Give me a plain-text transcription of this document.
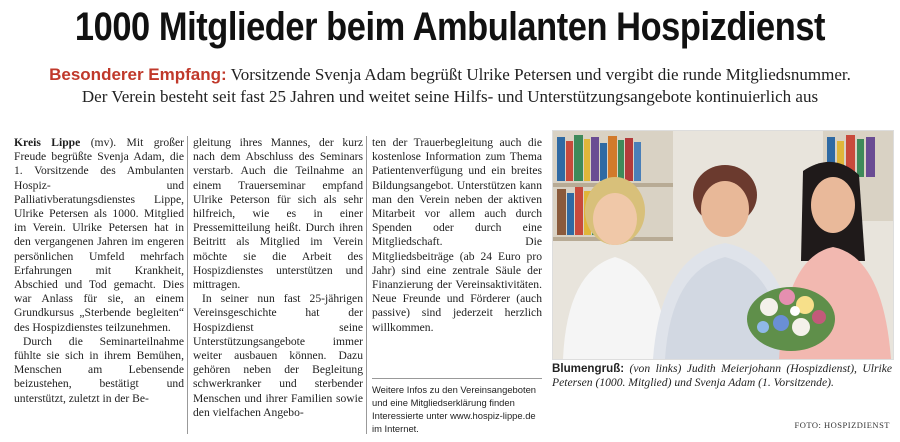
1000 Mitglieder beim Ambulanten Hospizdienst
Besonderer Empfang: Vorsitzende Svenja Adam begrüßt Ulrike Petersen und vergibt die runde Mitgliedsnummer.
Der Verein besteht seit fast 25 Jahren und weitet seine Hilfs- und Unterstützungsangebote kontinuierlich aus

Kreis Lippe (mv). Mit großer Freude begrüßte Svenja Adam, die 1. Vorsitzende des Ambulanten Hospiz- und Palliativberatungsdienstes Lippe, Ulrike Petersen als 1000. Mitglied im Verein. Ulrike Petersen hat in den vergangenen Jahren im engeren persönlichen Umfeld mehrfach Erfahrungen mit Krankheit, Abschied und Tod gemacht. Dies war Anlass für sie, an einem Grundkursus „Sterbende begleiten“ des Hospizdienstes teilzunehmen.

Durch die Seminarteilnahme fühlte sie sich in ihrem Bemühen, Menschen am Lebensende beizustehen, bestätigt und unterstützt, zuletzt in der Be-

gleitung ihres Mannes, der kurz nach dem Abschluss des Seminars verstarb. Auch die Teilnahme an einem Trauerseminar empfand Ulrike Peterson für sich als sehr hilfreich, wie es in einer Pressemitteilung heißt. Durch ihren Beitritt als Mitglied im Verein möchte sie die Arbeit des Hospizdienstes unterstützen und mittragen.

In seiner nun fast 25-jährigen Vereinsgeschichte hat der Hospizdienst seine Unterstützungsangebote immer weiter ausbauen können. Dazu gehören neben der Begleitung schwerkranker und sterbender Menschen und ihrer Familien sowie den vielfachen Angebo-

ten der Trauerbegleitung auch die kostenlose Information zum Thema Patientenverfügung und ein breites Bildungsangebot. Unterstützen kann man den Verein neben der aktiven Mitarbeit vor allem auch durch Spenden oder durch eine Mitgliedschaft. Die Mitgliedsbeiträge (ab 24 Euro pro Jahr) sind eine zentrale Säule der Finanzierung der Vereinsaktivitäten. Neue Freunde und Förderer (auch passive) sind jederzeit herzlich willkommen.

Weitere Infos zu den Vereinsangeboten und eine Mitgliedserklärung finden Interessierte unter www.hospiz-lippe.de im Internet.
Blumengruß: (von links) Judith Meierjohann (Hospizdienst), Ulrike Petersen (1000. Mitglied) und Svenja Adam (1. Vorsitzende).
FOTO: HOSPIZDIENST
